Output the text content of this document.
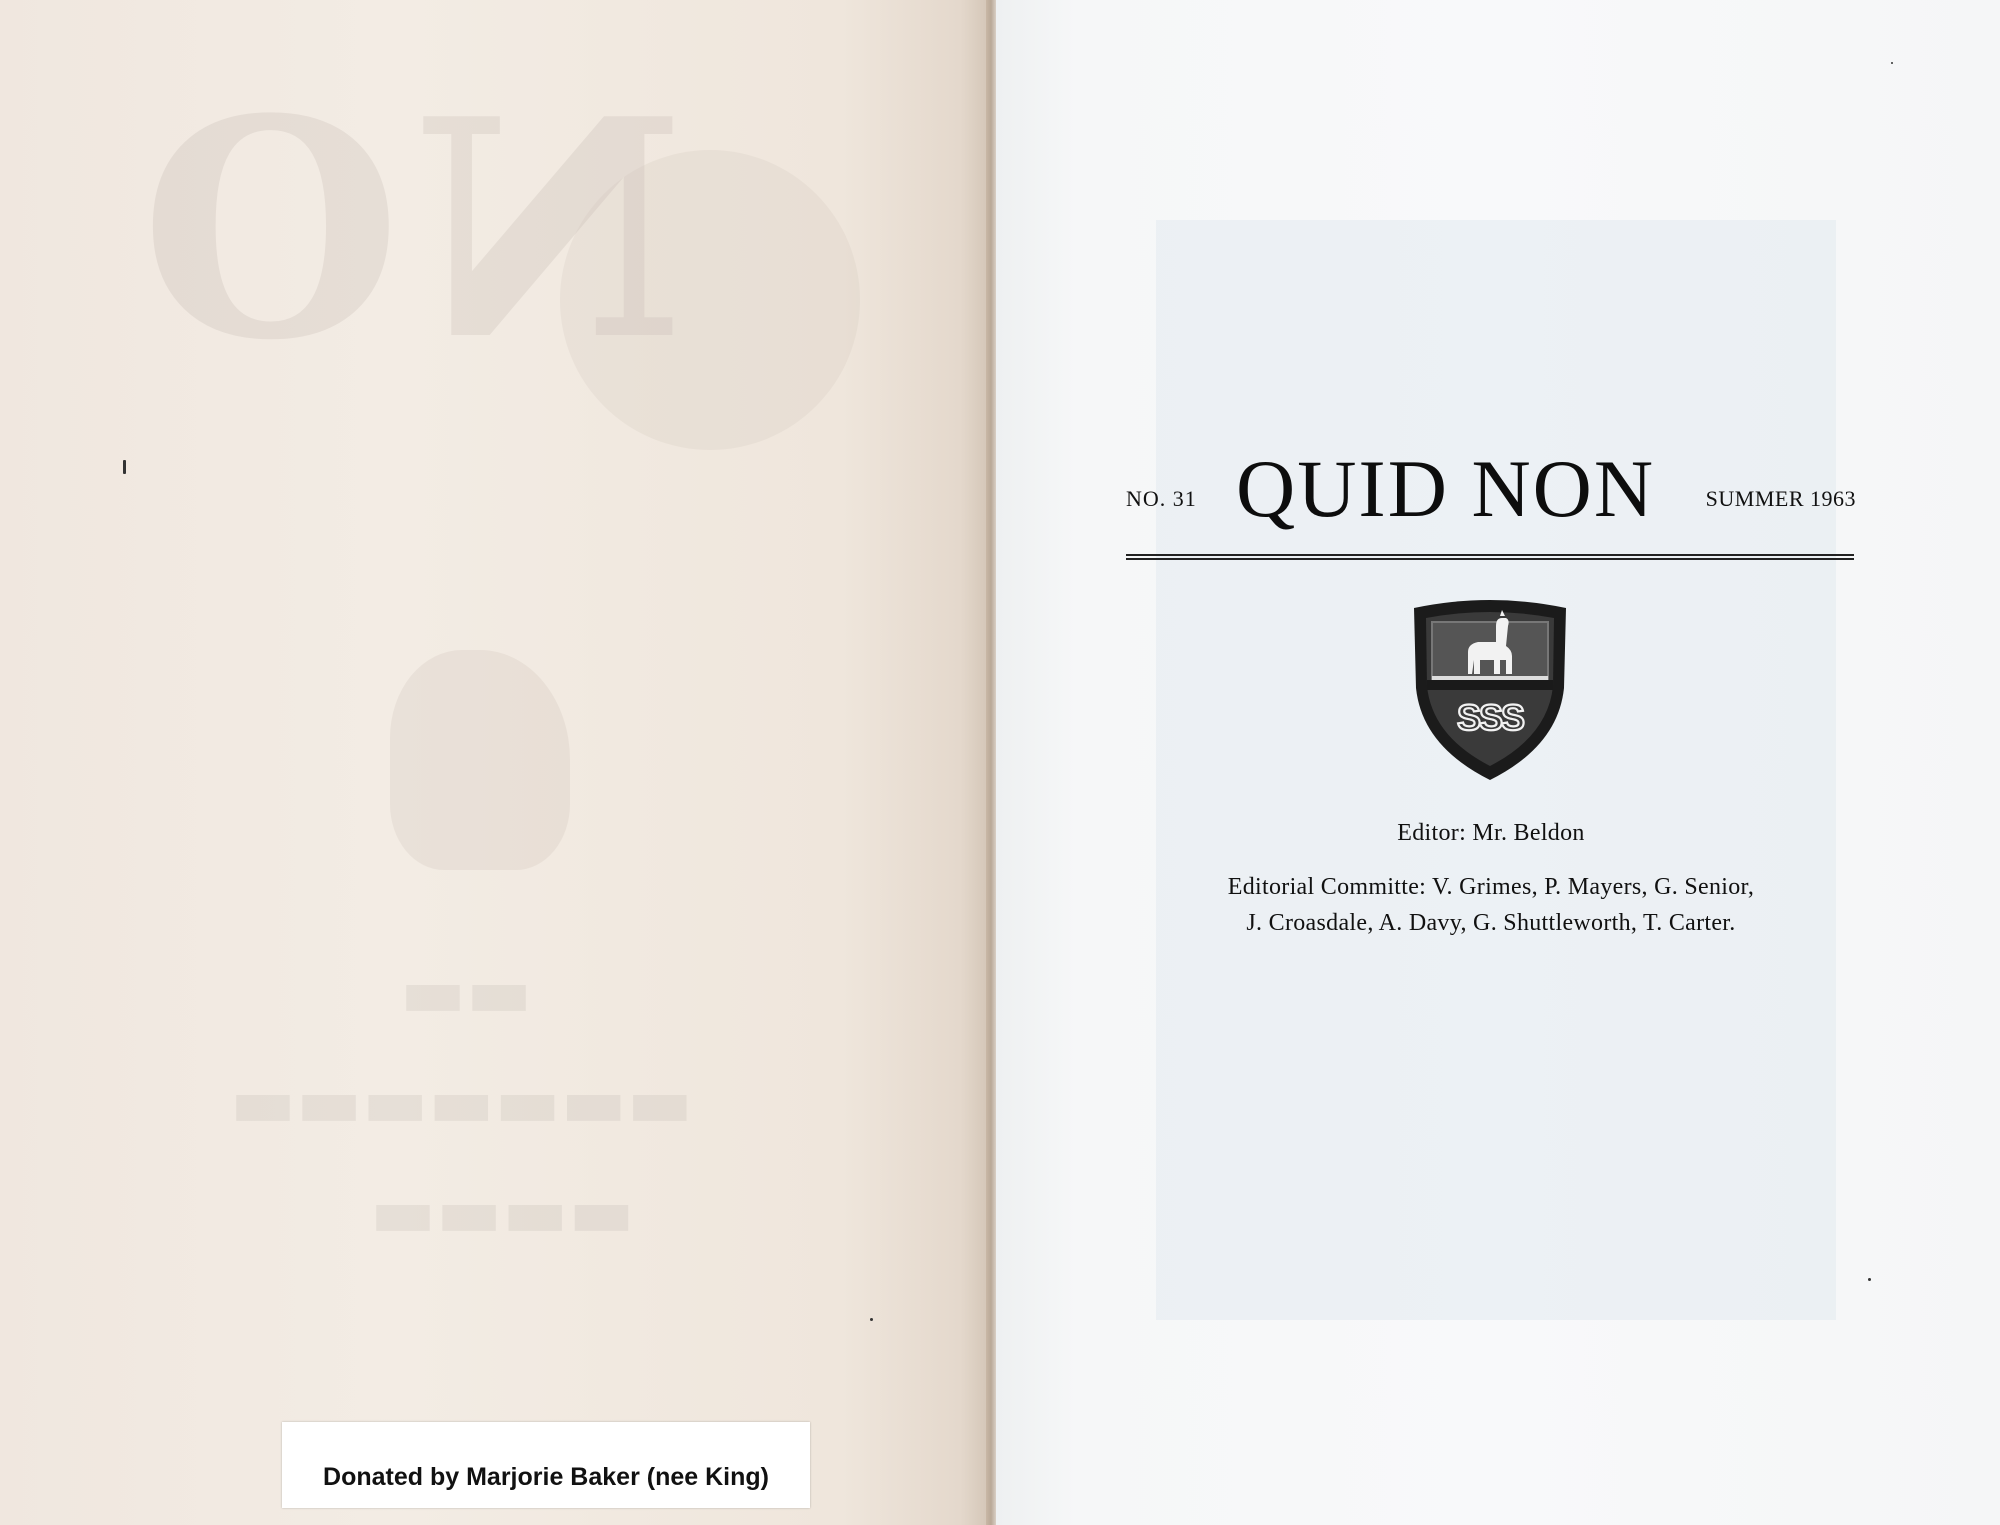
NO
▬▬
▬▬▬▬▬▬▬
▬▬▬▬
Donated by Marjorie Baker (nee King)
NO. 31 QUID NON SUMMER 1963
SSS
Editor: Mr. Beldon
Editorial Committe: V. Grimes, P. Mayers, G. Senior,
J. Croasdale, A. Davy, G. Shuttleworth, T. Carter.
